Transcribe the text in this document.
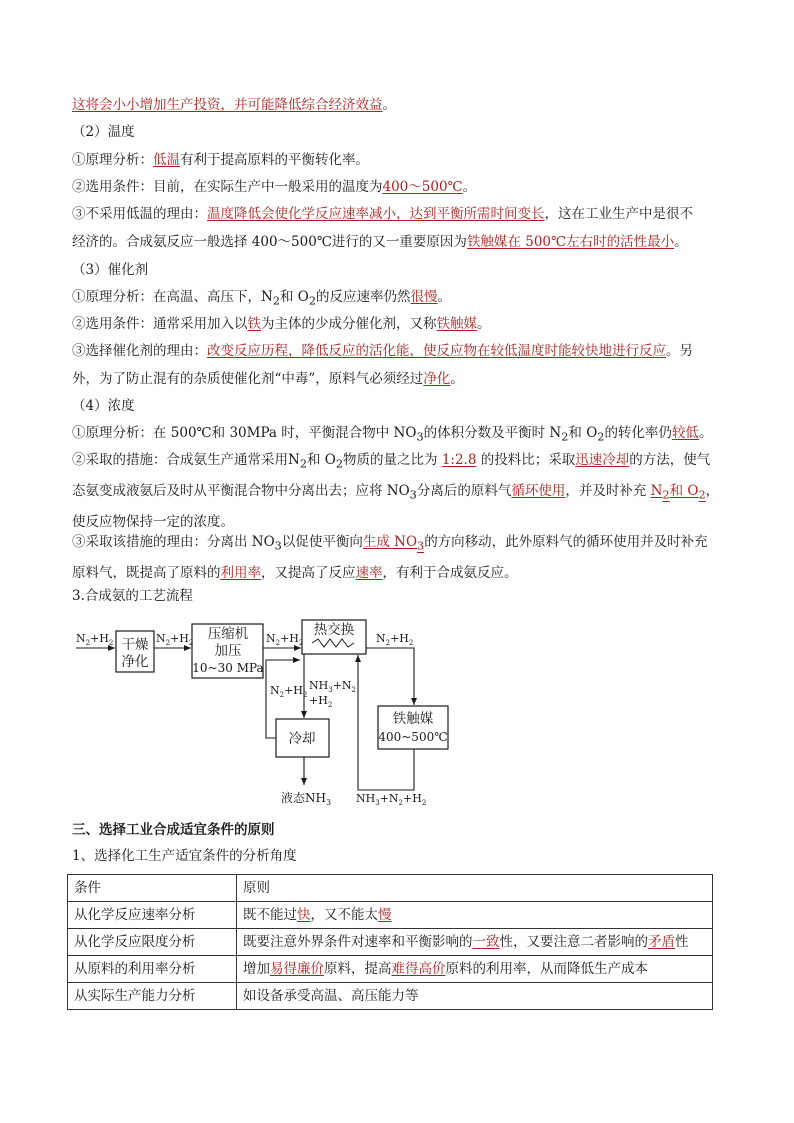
这将会小小增加生产投资，并可能降低综合经济效益。

（2）温度

①原理分析：低温有利于提高原料的平衡转化率。

②选用条件：目前，在实际生产中一般采用的温度为400～500℃。

③不采用低温的理由：温度降低会使化学反应速率减小，达到平衡所需时间变长，这在工业生产中是很不
经济的。合成氨反应一般选择 400～500℃进行的又一重要原因为铁触媒在 500℃左右时的活性最小。

（3）催化剂

①原理分析：在高温、高压下，$N_2$和 $O_2$的反应速率仍然很慢。

②选用条件：通常采用加入以铁为主体的少成分催化剂，又称铁触媒。

③选择催化剂的理由：改变反应历程，降低反应的活化能，使反应物在较低温度时能较快地进行反应。另
外，为了防止混有的杂质使催化剂“中毒”，原料气必须经过净化。

（4）浓度

①原理分析：在 500℃和 30MPa 时，平衡混合物中 $NO_3$的体积分数及平衡时 $N_2$和 $O_2$的转化率仍较低。

②采取的措施：合成氨生产通常采用$N_2$和 $O_2$物质的量之比为 1:2.8 的投料比；采取迅速冷却的方法，使气
态氨变成液氨后及时从平衡混合物中分离出去；应将 $NO_3$分离后的原料气循环使用，并及时补充 $N_2$和 $O_2$，
使反应物保持一定的浓度。

③采取该措施的理由：分离出 $NO_3$以促使平衡向生成 $NO_3$的方向移动，此外原料气的循环使用并及时补充
原料气，既提高了原料的利用率，又提高了反应速率，有利于合成氨反应。

3.合成氨的工艺流程

$N_2+H_2$	$N_2+H_2$	$N_2+H_2$	$N_2+H_2$
干燥
净化
压缩机
加压
10~30 MPa
热交换
铁触媒
400~500℃
冷却
$N_2+H_2$
$NH_3+N_2$
$+H_2$
液态$NH_3$ $NH_3+N_2+H_2$

三、选择工业合成适宜条件的原则

1、选择化工生产适宜条件的分析角度

条件	原则
从化学反应速率分析	既不能过快，又不能太慢
从化学反应限度分析	既要注意外界条件对速率和平衡影响的一致性，又要注意二者影响的矛盾性
从原料的利用率分析	增加易得廉价原料，提高难得高价原料的利用率，从而降低生产成本
从实际生产能力分析	如设备承受高温、高压能力等
